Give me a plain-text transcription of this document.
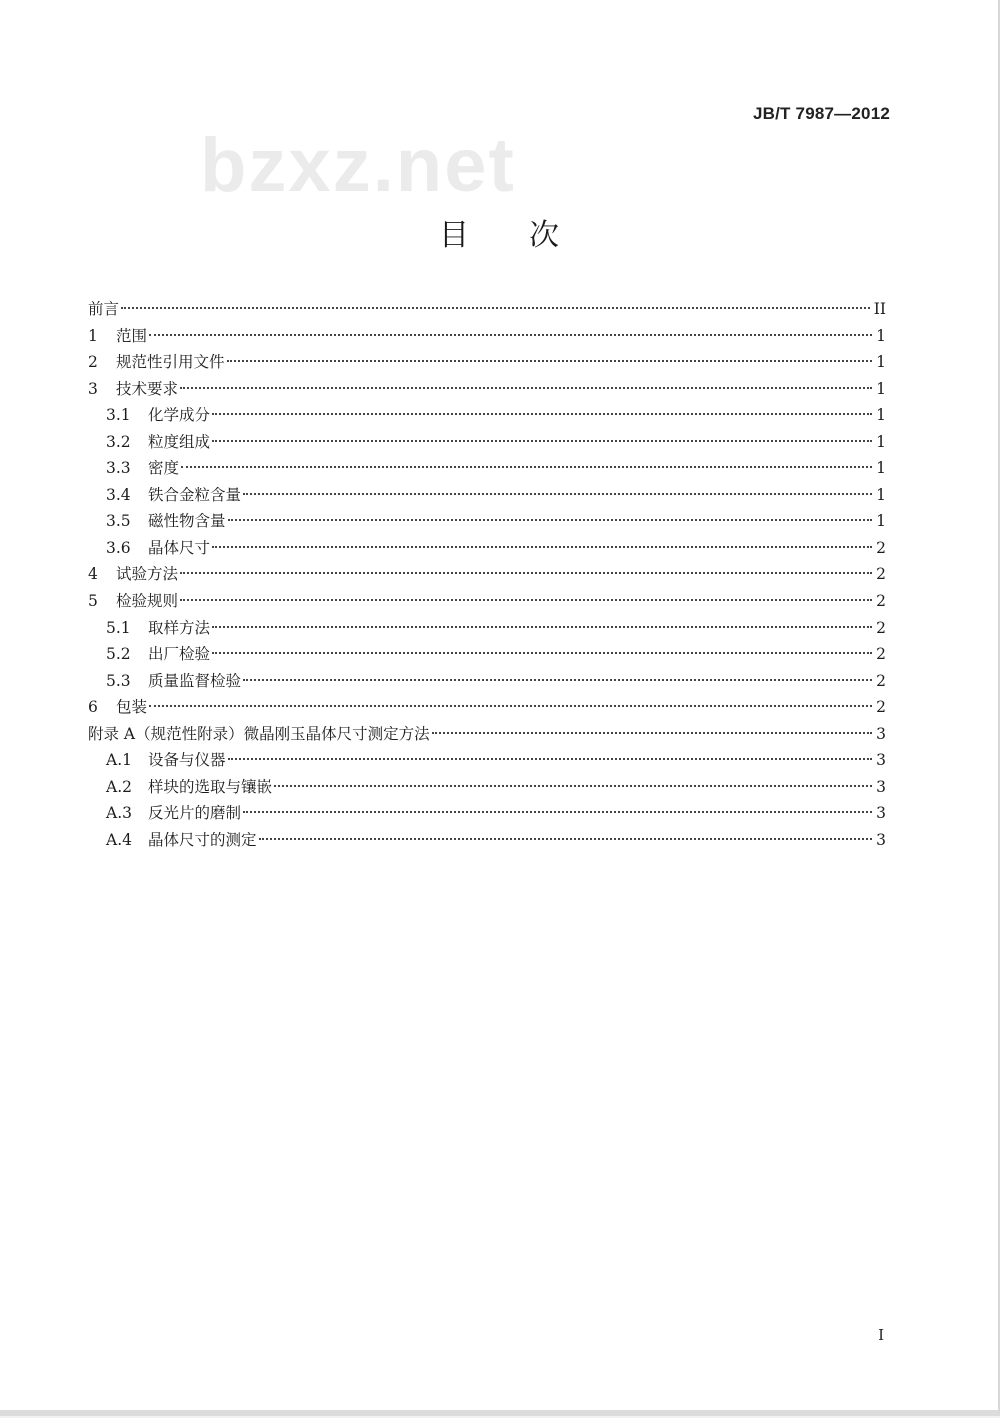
JB/T 7987—2012
bzxz.net
目 次
前言	II
1	范围	1
2	规范性引用文件	1
3	技术要求	1
3.1	化学成分	1
3.2	粒度组成	1
3.3	密度	1
3.4	铁合金粒含量	1
3.5	磁性物含量	1
3.6	晶体尺寸	2
4	试验方法	2
5	检验规则	2
5.1	取样方法	2
5.2	出厂检验	2
5.3	质量监督检验	2
6	包装	2
附录 A（规范性附录）微晶刚玉晶体尺寸测定方法	3
A.1	设备与仪器	3
A.2	样块的选取与镶嵌	3
A.3	反光片的磨制	3
A.4	晶体尺寸的测定	3
I
